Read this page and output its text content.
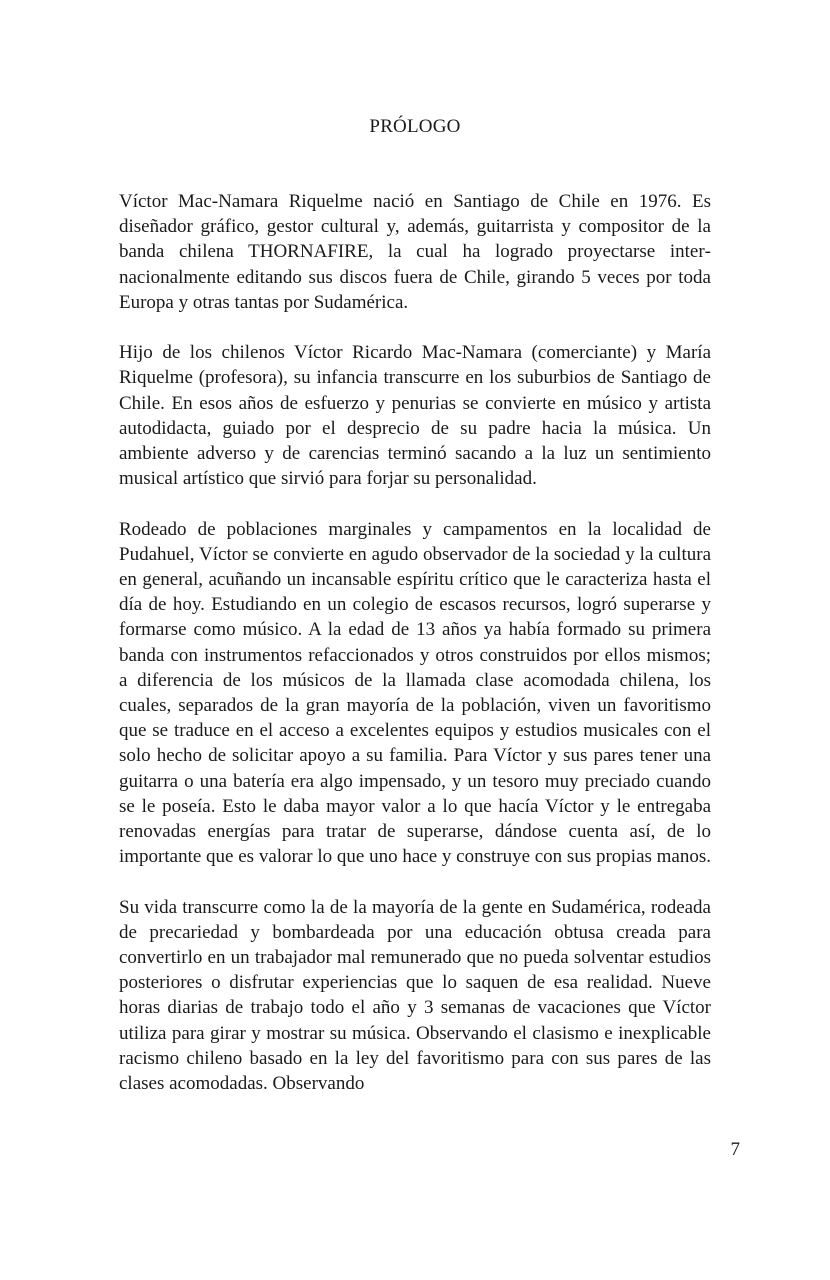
PRÓLOGO

Víctor Mac-Namara Riquelme nació en Santiago de Chile en 1976. Es diseñador gráfico, gestor cultural y, además, guitarrista y compositor de la banda chilena THORNAFIRE, la cual ha logrado proyectarse internacionalmente editando sus discos fuera de Chile, girando 5 veces por toda Europa y otras tantas por Sudamérica.

Hijo de los chilenos Víctor Ricardo Mac-Namara (comerciante) y María Riquelme (profesora), su infancia transcurre en los suburbios de Santiago de Chile. En esos años de esfuerzo y penurias se convierte en músico y artista autodidacta, guiado por el desprecio de su padre hacia la música. Un ambiente adverso y de carencias terminó sacando a la luz un sentimiento musical artístico que sirvió para forjar su personalidad.

Rodeado de poblaciones marginales y campamentos en la localidad de Pudahuel, Víctor se convierte en agudo observador de la sociedad y la cultura en general, acuñando un incansable espíritu crítico que le caracteriza hasta el día de hoy. Estudiando en un colegio de escasos recursos, logró superarse y formarse como músico. A la edad de 13 años ya había formado su primera banda con instrumentos refaccionados y otros construidos por ellos mismos; a diferencia de los músicos de la llamada clase acomodada chilena, los cuales, separados de la gran mayoría de la población, viven un favoritismo que se traduce en el acceso a excelentes equipos y estudios musicales con el solo hecho de solicitar apoyo a su familia. Para Víctor y sus pares tener una guitarra o una batería era algo impensado, y un tesoro muy preciado cuando se le poseía. Esto le daba mayor valor a lo que hacía Víctor y le entregaba renovadas energías para tratar de superarse, dándose cuenta así, de lo importante que es valorar lo que uno hace y construye con sus propias manos.

Su vida transcurre como la de la mayoría de la gente en Sudamérica, rodeada de precariedad y bombardeada por una educación obtusa creada para convertirlo en un trabajador mal remunerado que no pueda solventar estudios posteriores o disfrutar experiencias que lo saquen de esa realidad. Nueve horas diarias de trabajo todo el año y 3 semanas de vacaciones que Víctor utiliza para girar y mostrar su música. Observando el clasismo e inexplicable racismo chileno basado en la ley del favoritismo para con sus pares de las clases acomodadas. Observando

7
